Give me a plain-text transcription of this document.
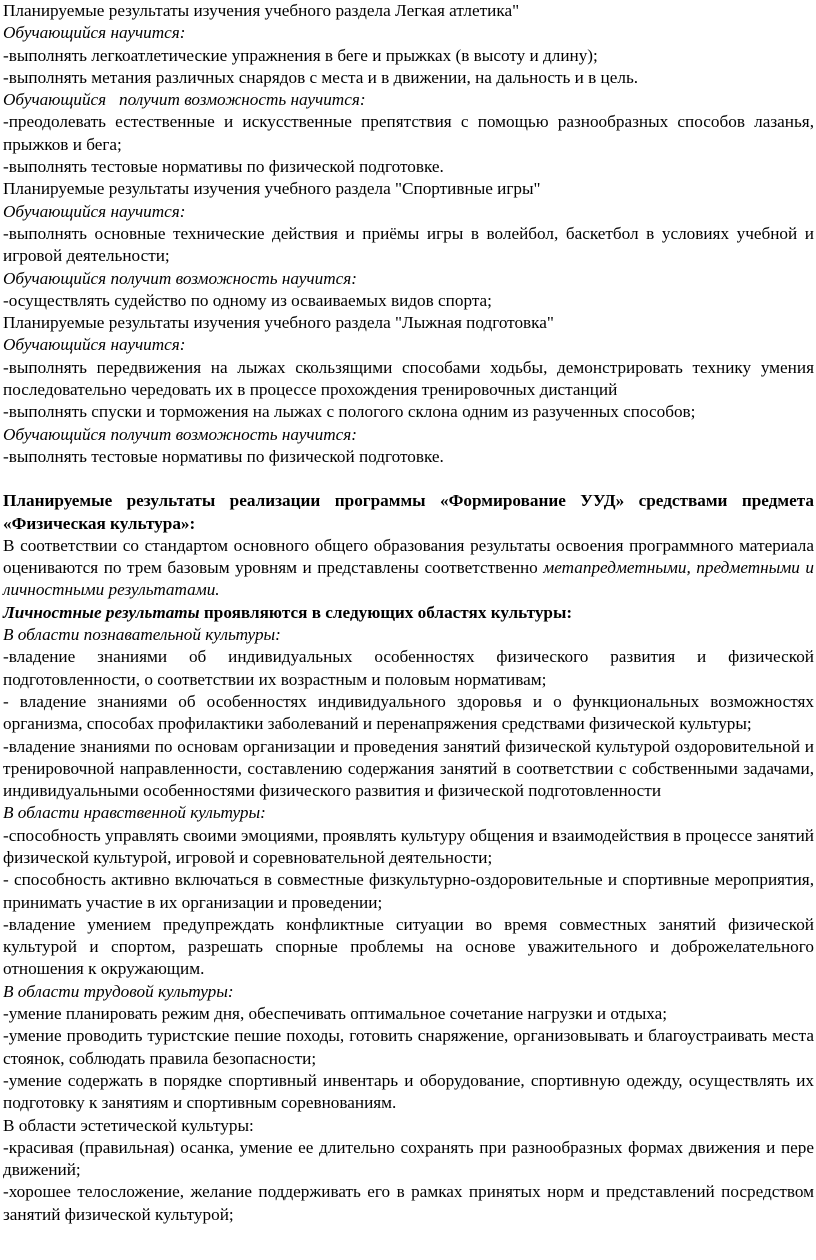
Планируемые результаты изучения учебного раздела Легкая атлетика"

Обучающийся научится:

-выполнять легкоатлетические упражнения в беге и прыжках (в высоту и длину);

-выполнять метания различных снарядов с места и в движении, на дальность и в цель.

Обучающийся   получит возможность научится:

-преодолевать естественные и искусственные препятствия с помощью разнообразных способов лазанья, прыжков и бега;

-выполнять тестовые нормативы по физической подготовке.

Планируемые результаты изучения учебного раздела "Спортивные игры"

Обучающийся научится:

-выполнять основные технические действия и приёмы игры в волейбол, баскетбол в условиях учебной и игровой деятельности;

Обучающийся получит возможность научится:

-осуществлять судейство по одному из осваиваемых видов спорта;

Планируемые результаты изучения учебного раздела "Лыжная подготовка"

Обучающийся научится:

-выполнять передвижения на лыжах скользящими способами ходьбы, демонстрировать технику умения последовательно чередовать их в процессе прохождения тренировочных дистанций

-выполнять спуски и торможения на лыжах с пологого склона одним из разученных способов;

Обучающийся получит возможность научится:

-выполнять тестовые нормативы по физической подготовке.

Планируемые результаты реализации программы «Формирование УУД» средствами предмета «Физическая культура»:

В соответствии со стандартом основного общего образования результаты освоения программного материала оцениваются по трем базовым уровням и представлены соответственно метапредметными, предметными и личностными результатами.

Личностные результаты проявляются в следующих областях культуры:

В области познавательной культуры:

-владение знаниями об индивидуальных особенностях физического развития и физической подготовленности, о соответствии их возрастным и половым нормативам;

- владение знаниями об особенностях индивидуального здоровья и о функциональных возможностях организма, способах профилактики заболеваний и перенапряжения средствами физической культуры;

-владение знаниями по основам организации и проведения занятий физической культурой оздоровительной и тренировочной направленности, составлению содержания занятий в соответствии с собственными задачами, индивидуальными особенностями физического развития и физической подготовленности

В области нравственной культуры:

-способность управлять своими эмоциями, проявлять культуру общения и взаимодействия в процессе занятий физической культурой, игровой и соревновательной деятельности;

- способность активно включаться в совместные физкультурно-оздоровительные и спортивные мероприятия, принимать участие в их организации и проведении;

-владение умением предупреждать конфликтные ситуации во время совместных занятий физической культурой и спортом, разрешать спорные проблемы на основе уважительного и доброжелательного отношения к окружающим.

В области трудовой культуры:

-умение планировать режим дня, обеспечивать оптимальное сочетание нагрузки и отдыха;

-умение проводить туристские пешие походы, готовить снаряжение, организовывать и благоустраивать места стоянок, соблюдать правила безопасности;

-умение содержать в порядке спортивный инвентарь и оборудование, спортивную одежду, осуществлять их подготовку к занятиям и спортивным соревнованиям.

В области эстетической культуры:

-красивая (правильная) осанка, умение ее длительно сохранять при разнообразных формах движения и пере движений;

-хорошее телосложение, желание поддерживать его в рамках принятых норм и представлений посредством занятий физической культурой;
